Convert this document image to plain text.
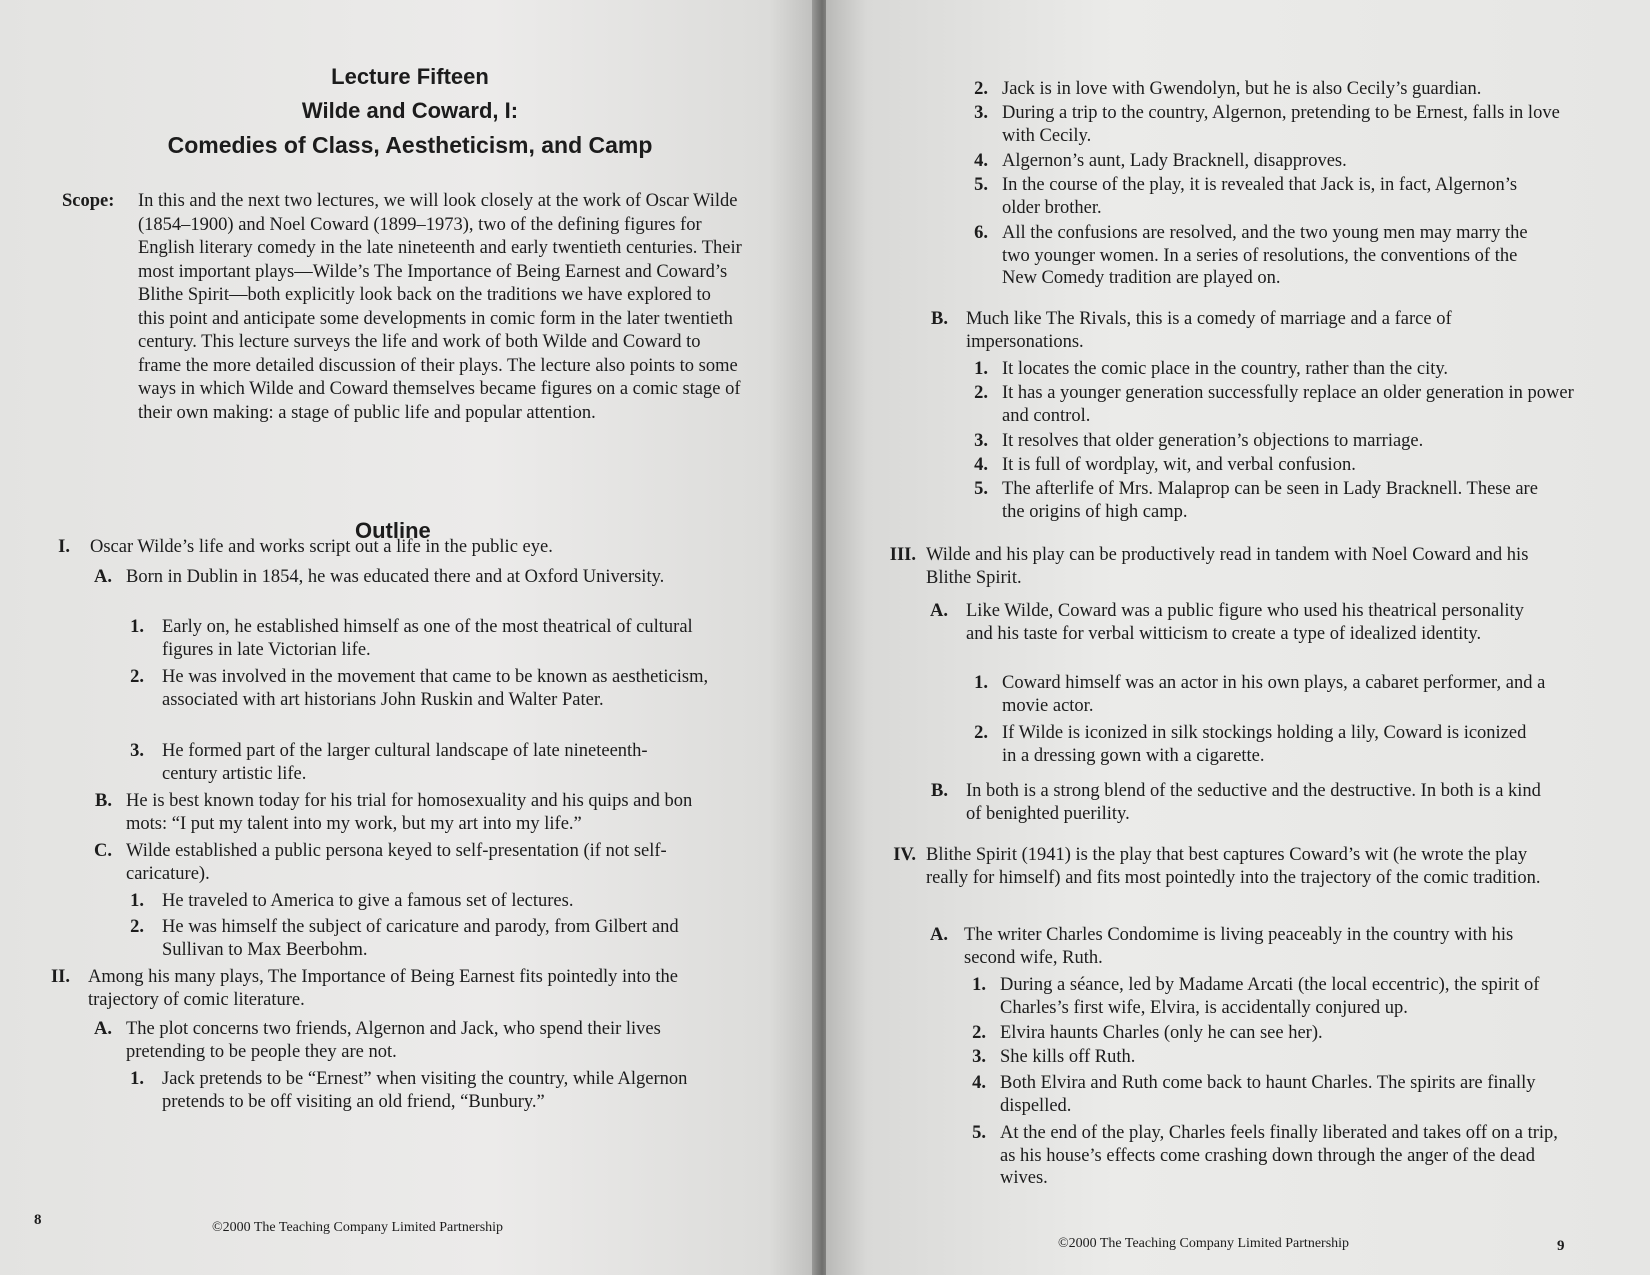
Lecture Fifteen
Wilde and Coward, I:
Comedies of Class, Aestheticism, and Camp
Scope: In this and the next two lectures, we will look closely at the work of Oscar Wilde (1854–1900) and Noel Coward (1899–1973), two of the defining figures for English literary comedy in the late nineteenth and early twentieth centuries. Their most important plays—Wilde’s The Importance of Being Earnest and Coward’s Blithe Spirit—both explicitly look back on the traditions we have explored to this point and anticipate some developments in comic form in the later twentieth century. This lecture surveys the life and work of both Wilde and Coward to frame the more detailed discussion of their plays. The lecture also points to some ways in which Wilde and Coward themselves became figures on a comic stage of their own making: a stage of public life and popular attention.
Outline
I. Oscar Wilde’s life and works script out a life in the public eye.
A. Born in Dublin in 1854, he was educated there and at Oxford University.
1. Early on, he established himself as one of the most theatrical of cultural figures in late Victorian life.
2. He was involved in the movement that came to be known as aestheticism, associated with art historians John Ruskin and Walter Pater.
3. He formed part of the larger cultural landscape of late nineteenth-century artistic life.
B. He is best known today for his trial for homosexuality and his quips and bon mots: “I put my talent into my work, but my art into my life.”
C. Wilde established a public persona keyed to self-presentation (if not self-caricature).
1. He traveled to America to give a famous set of lectures.
2. He was himself the subject of caricature and parody, from Gilbert and Sullivan to Max Beerbohm.
II. Among his many plays, The Importance of Being Earnest fits pointedly into the trajectory of comic literature.
A. The plot concerns two friends, Algernon and Jack, who spend their lives pretending to be people they are not.
1. Jack pretends to be “Ernest” when visiting the country, while Algernon pretends to be off visiting an old friend, “Bunbury.”
8	©2000 The Teaching Company Limited Partnership
2. Jack is in love with Gwendolyn, but he is also Cecily’s guardian.
3. During a trip to the country, Algernon, pretending to be Ernest, falls in love with Cecily.
4. Algernon’s aunt, Lady Bracknell, disapproves.
5. In the course of the play, it is revealed that Jack is, in fact, Algernon’s older brother.
6. All the confusions are resolved, and the two young men may marry the two younger women. In a series of resolutions, the conventions of the New Comedy tradition are played on.
B. Much like The Rivals, this is a comedy of marriage and a farce of impersonations.
1. It locates the comic place in the country, rather than the city.
2. It has a younger generation successfully replace an older generation in power and control.
3. It resolves that older generation’s objections to marriage.
4. It is full of wordplay, wit, and verbal confusion.
5. The afterlife of Mrs. Malaprop can be seen in Lady Bracknell. These are the origins of high camp.
III. Wilde and his play can be productively read in tandem with Noel Coward and his Blithe Spirit.
A. Like Wilde, Coward was a public figure who used his theatrical personality and his taste for verbal witticism to create a type of idealized identity.
1. Coward himself was an actor in his own plays, a cabaret performer, and a movie actor.
2. If Wilde is iconized in silk stockings holding a lily, Coward is iconized in a dressing gown with a cigarette.
B. In both is a strong blend of the seductive and the destructive. In both is a kind of benighted puerility.
IV. Blithe Spirit (1941) is the play that best captures Coward’s wit (he wrote the play really for himself) and fits most pointedly into the trajectory of the comic tradition.
A. The writer Charles Condomime is living peaceably in the country with his second wife, Ruth.
1. During a séance, led by Madame Arcati (the local eccentric), the spirit of Charles’s first wife, Elvira, is accidentally conjured up.
2. Elvira haunts Charles (only he can see her).
3. She kills off Ruth.
4. Both Elvira and Ruth come back to haunt Charles. The spirits are finally dispelled.
5. At the end of the play, Charles feels finally liberated and takes off on a trip, as his house’s effects come crashing down through the anger of the dead wives.
©2000 The Teaching Company Limited Partnership	9
